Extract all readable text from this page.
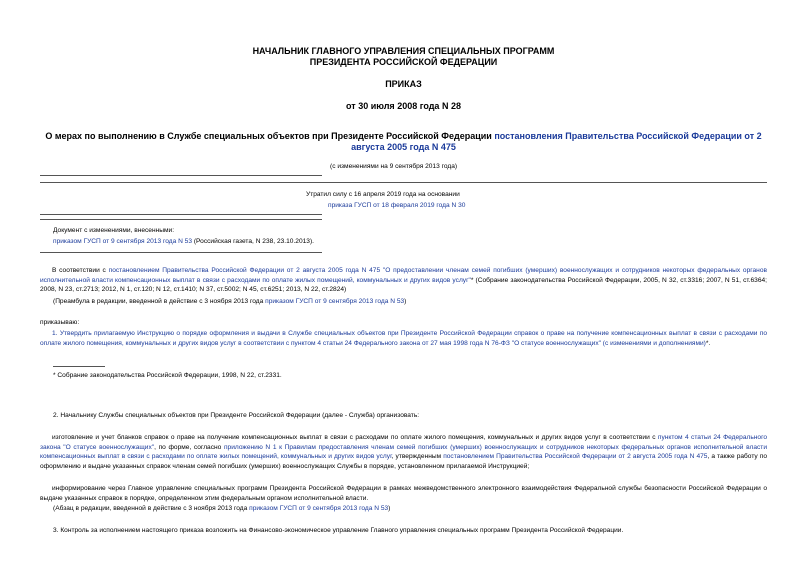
НАЧАЛЬНИК ГЛАВНОГО УПРАВЛЕНИЯ СПЕЦИАЛЬНЫХ ПРОГРАММ
ПРЕЗИДЕНТА РОССИЙСКОЙ ФЕДЕРАЦИИ
ПРИКАЗ
от 30 июля 2008 года N 28
О мерах по выполнению в Службе специальных объектов при Президенте Российской Федерации постановления Правительства Российской Федерации от 2 августа 2005 года N 475
(с изменениями на 9 сентября 2013 года)
Утратил силу с 16 апреля 2019 года на основании
приказа ГУСП от 18 февраля 2019 года N 30
Документ с изменениями, внесенными:
приказом ГУСП от 9 сентября 2013 года N 53 (Российская газета, N 238, 23.10.2013).
В соответствии с постановлением Правительства Российской Федерации от 2 августа 2005 года N 475 "О предоставлении членам семей погибших (умерших) военнослужащих и сотрудников некоторых федеральных органов исполнительной власти компенсационных выплат в связи с расходами по оплате жилых помещений, коммунальных и других видов услуг"* (Собрание законодательства Российской Федерации, 2005, N 32, ст.3316; 2007, N 51, ст.6364; 2008, N 23, ст.2713; 2012, N 1, ст.120; N 12, ст.1410; N 37, ст.5002; N 45, ст.6251; 2013, N 22, ст.2824)
(Преамбула в редакции, введенной в действие с 3 ноября 2013 года приказом ГУСП от 9 сентября 2013 года N 53)
приказываю:
1. Утвердить прилагаемую Инструкцию о порядке оформления и выдачи в Службе специальных объектов при Президенте Российской Федерации справок о праве на получение компенсационных выплат в связи с расходами по оплате жилого помещения, коммунальных и других видов услуг в соответствии с пунктом 4 статьи 24 Федерального закона от 27 мая 1998 года N 76-ФЗ "О статусе военнослужащих" (с изменениями и дополнениями)*.
* Собрание законодательства Российской Федерации, 1998, N 22, ст.2331.
2. Начальнику Службы специальных объектов при Президенте Российской Федерации (далее - Служба) организовать:
изготовление и учет бланков справок о праве на получение компенсационных выплат в связи с расходами по оплате жилого помещения, коммунальных и других видов услуг в соответствии с пунктом 4 статьи 24 Федерального закона "О статусе военнослужащих", по форме, согласно приложению N 1 к Правилам предоставления членам семей погибших (умерших) военнослужащих и сотрудников некоторых федеральных органов исполнительной власти компенсационных выплат в связи с расходами по оплате жилых помещений, коммунальных и других видов услуг, утвержденным постановлением Правительства Российской Федерации от 2 августа 2005 года N 475, а также работу по оформлению и выдаче указанных справок членам семей погибших (умерших) военнослужащих Службы в порядке, установленном прилагаемой Инструкцией;
информирование через Главное управление специальных программ Президента Российской Федерации в рамках межведомственного электронного взаимодействия Федеральной службы безопасности Российской Федерации о выдаче указанных справок в порядке, определенном этим федеральным органом исполнительной власти.
(Абзац в редакции, введенной в действие с 3 ноября 2013 года приказом ГУСП от 9 сентября 2013 года N 53)
3. Контроль за исполнением настоящего приказа возложить на Финансово-экономическое управление Главного управления специальных программ Президента Российской Федерации.
